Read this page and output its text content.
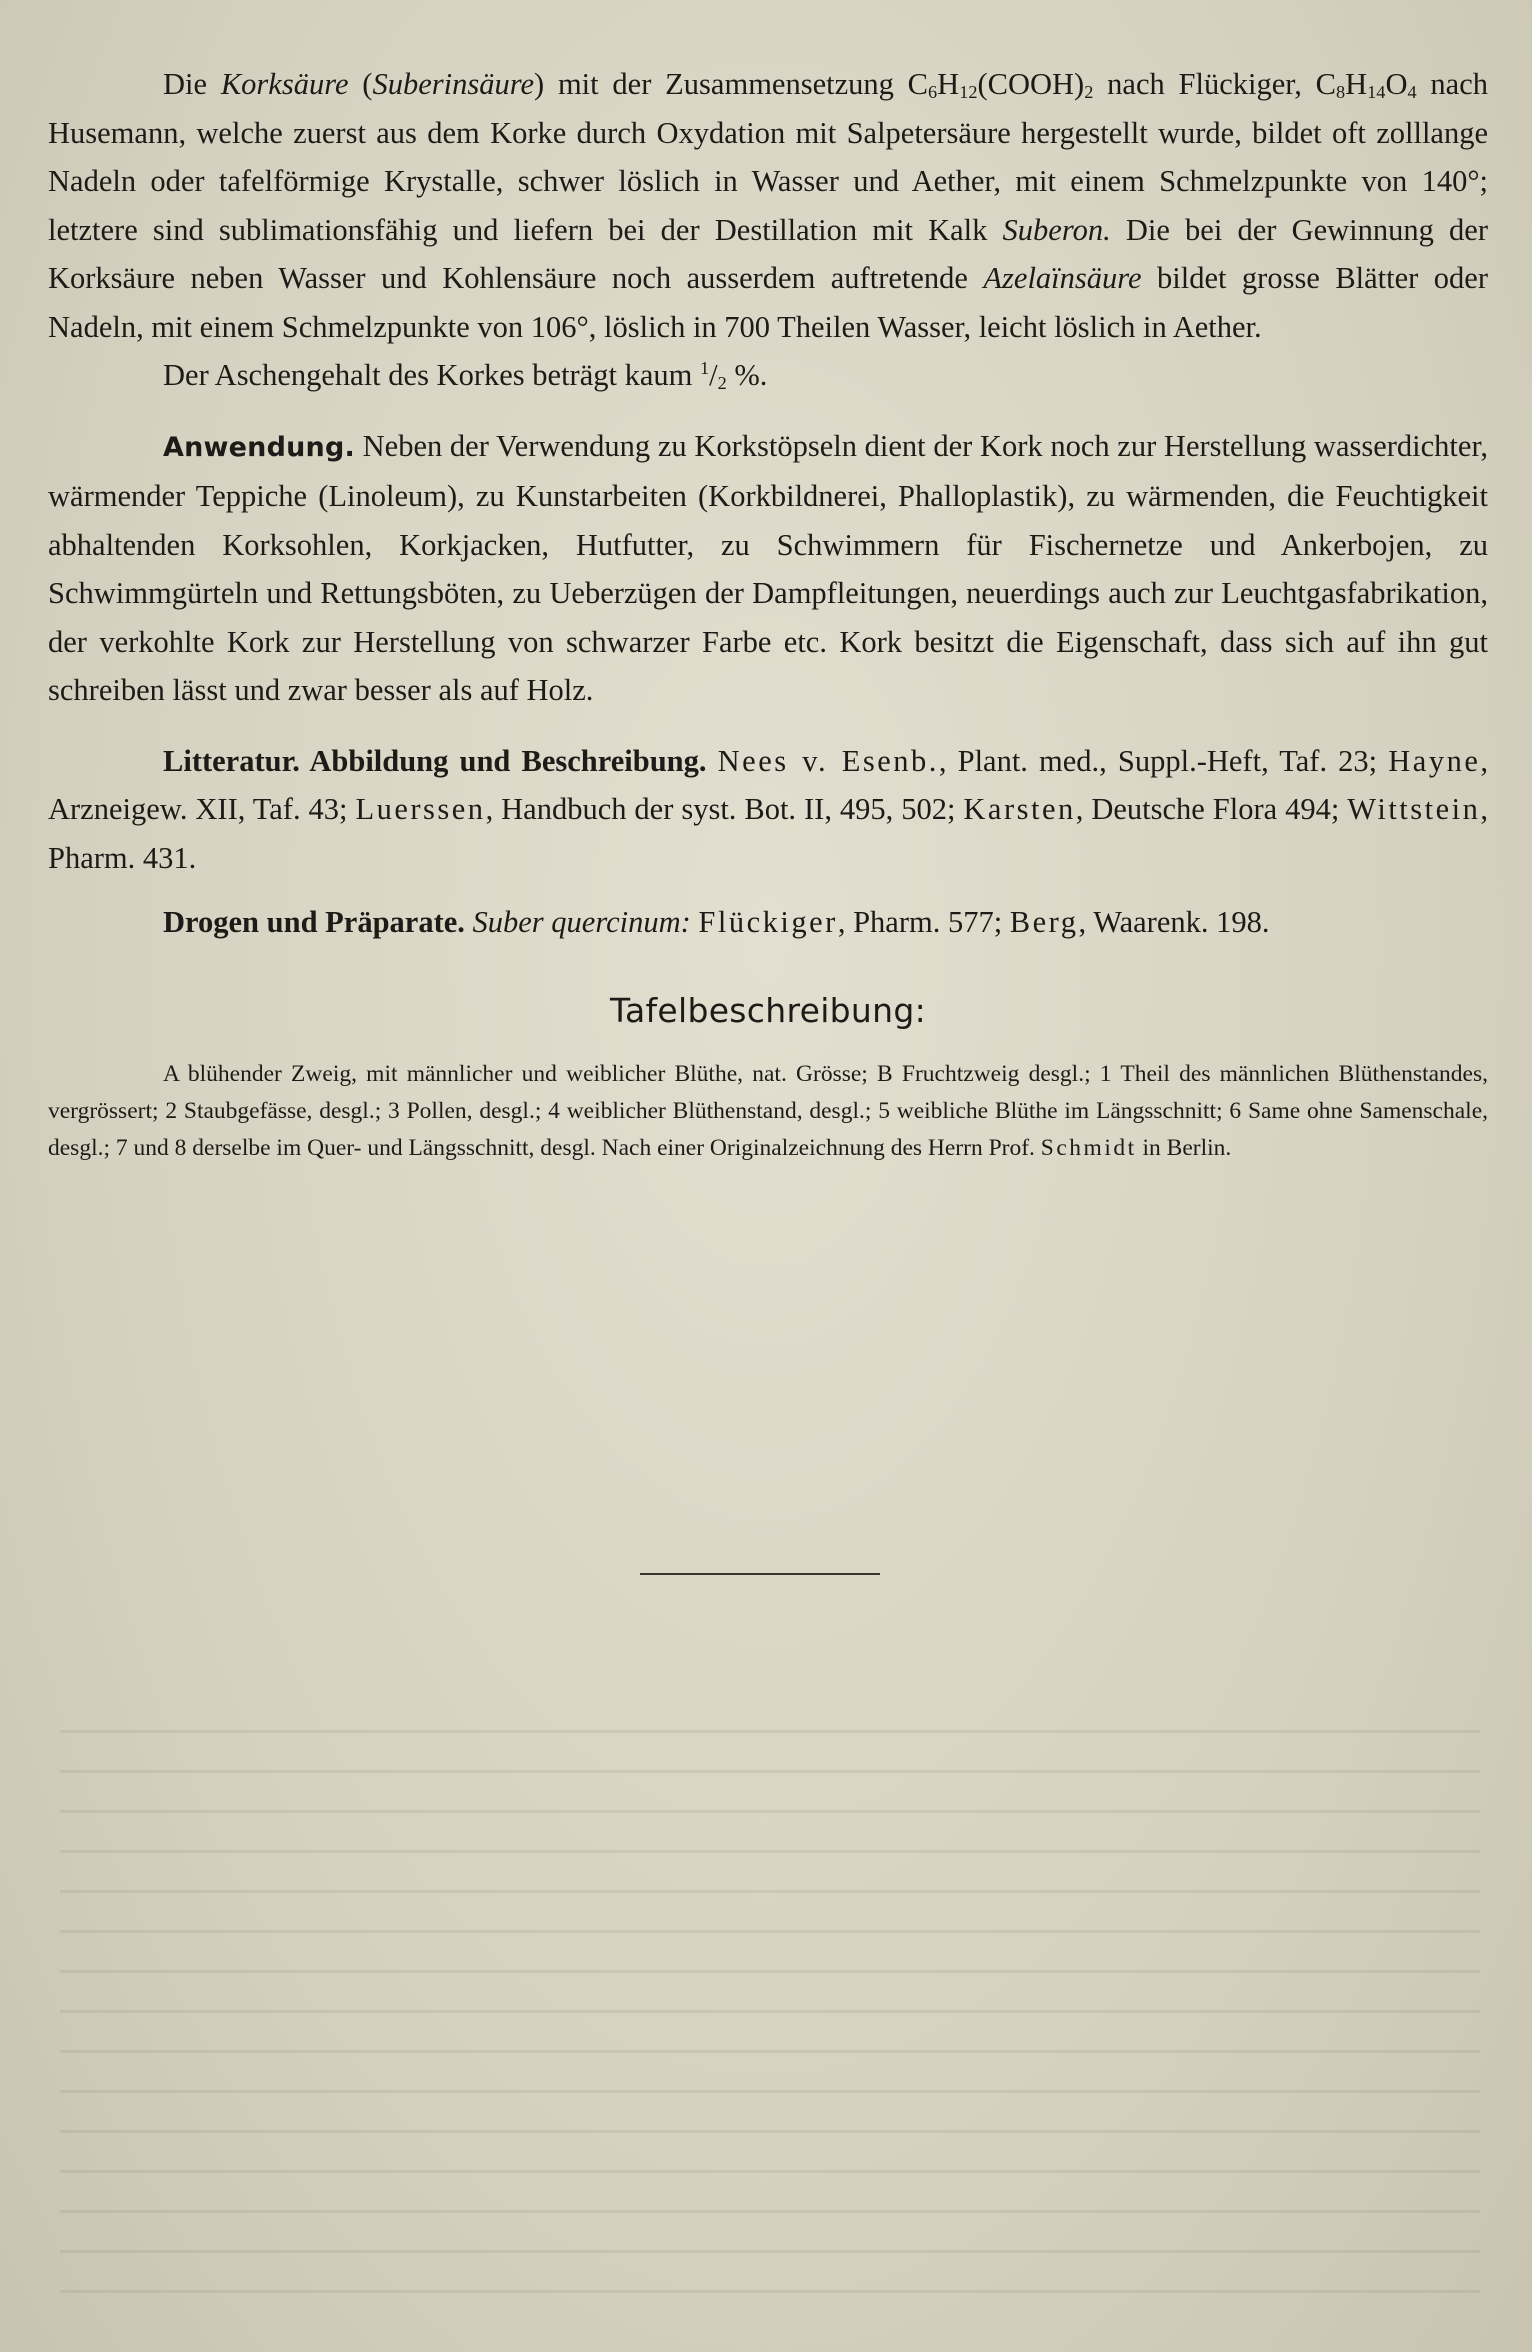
Die Korksäure (Suberinsäure) mit der Zusammensetzung $C_6H_{12}(COOH)_2$ nach Flückiger, $C_8H_{14}O_4$ nach Husemann, welche zuerst aus dem Korke durch Oxydation mit Salpetersäure hergestellt wurde, bildet oft zolllange Nadeln oder tafelförmige Krystalle, schwer löslich in Wasser und Aether, mit einem Schmelzpunkte von 140°; letztere sind sublimationsfähig und liefern bei der Destillation mit Kalk Suberon. Die bei der Gewinnung der Korksäure neben Wasser und Kohlensäure noch ausserdem auftretende Azelaïnsäure bildet grosse Blätter oder Nadeln, mit einem Schmelzpunkte von 106°, löslich in 700 Theilen Wasser, leicht löslich in Aether.

Der Aschengehalt des Korkes beträgt kaum $^1/_2$ %.

Anwendung. Neben der Verwendung zu Korkstöpseln dient der Kork noch zur Herstellung wasserdichter, wärmender Teppiche (Linoleum), zu Kunstarbeiten (Korkbildnerei, Phalloplastik), zu wärmenden, die Feuchtigkeit abhaltenden Korksohlen, Korkjacken, Hutfutter, zu Schwimmern für Fischernetze und Ankerbojen, zu Schwimmgürteln und Rettungsböten, zu Ueberzügen der Dampfleitungen, neuerdings auch zur Leuchtgasfabrikation, der verkohlte Kork zur Herstellung von schwarzer Farbe etc. Kork besitzt die Eigenschaft, dass sich auf ihn gut schreiben lässt und zwar besser als auf Holz.

Litteratur. Abbildung und Beschreibung. Nees v. Esenb., Plant. med., Suppl.-Heft, Taf. 23; Hayne, Arzneigew. XII, Taf. 43; Luerssen, Handbuch der syst. Bot. II, 495, 502; Karsten, Deutsche Flora 494; Wittstein, Pharm. 431.

Drogen und Präparate. Suber quercinum: Flückiger, Pharm. 577; Berg, Waarenk. 198.

Tafelbeschreibung:

A blühender Zweig, mit männlicher und weiblicher Blüthe, nat. Grösse; B Fruchtzweig desgl.; 1 Theil des männlichen Blüthenstandes, vergrössert; 2 Staubgefässe, desgl.; 3 Pollen, desgl.; 4 weiblicher Blüthenstand, desgl.; 5 weibliche Blüthe im Längsschnitt; 6 Same ohne Samenschale, desgl.; 7 und 8 derselbe im Quer- und Längsschnitt, desgl. Nach einer Originalzeichnung des Herrn Prof. Schmidt in Berlin.
